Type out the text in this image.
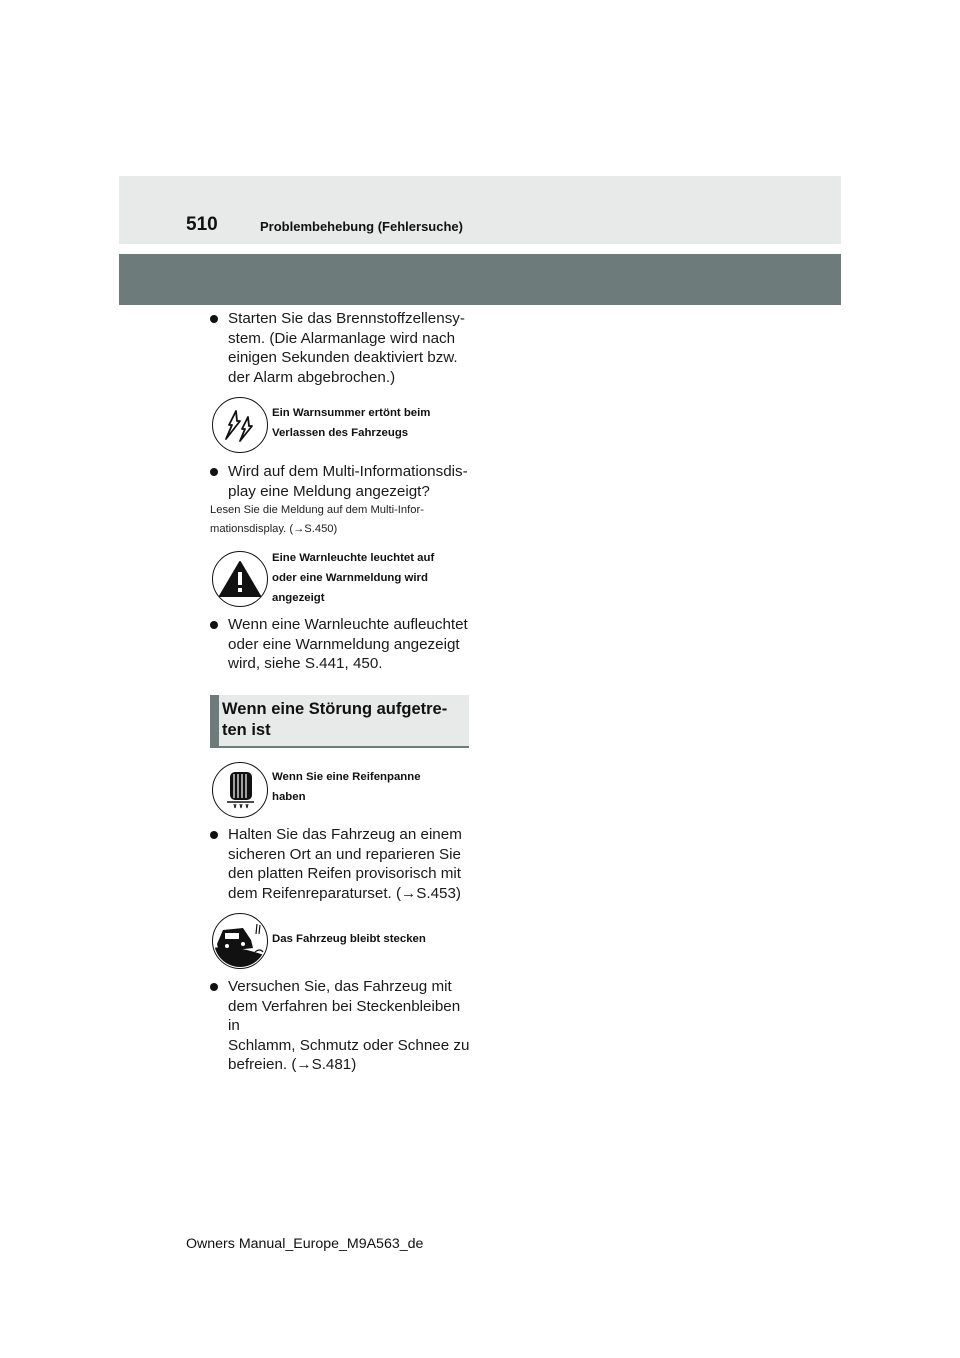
510	Problembehebung (Fehlersuche)
Starten Sie das Brennstoffzellensy-
stem. (Die Alarmanlage wird nach
einigen Sekunden deaktiviert bzw.
der Alarm abgebrochen.)
Ein Warnsummer ertönt beim
Verlassen des Fahrzeugs
Wird auf dem Multi-Informationsdis-
play eine Meldung angezeigt?
Lesen Sie die Meldung auf dem Multi-Infor-
mationsdisplay. (→S.450)
Eine Warnleuchte leuchtet auf
oder eine Warnmeldung wird
angezeigt
Wenn eine Warnleuchte aufleuchtet
oder eine Warnmeldung angezeigt
wird, siehe S.441, 450.
Wenn eine Störung aufgetre-
ten ist
Wenn Sie eine Reifenpanne
haben
Halten Sie das Fahrzeug an einem
sicheren Ort an und reparieren Sie
den platten Reifen provisorisch mit
dem Reifenreparaturset. (→S.453)
Das Fahrzeug bleibt stecken
Versuchen Sie, das Fahrzeug mit
dem Verfahren bei Steckenbleiben in
Schlamm, Schmutz oder Schnee zu
befreien. (→S.481)
Owners Manual_Europe_M9A563_de
